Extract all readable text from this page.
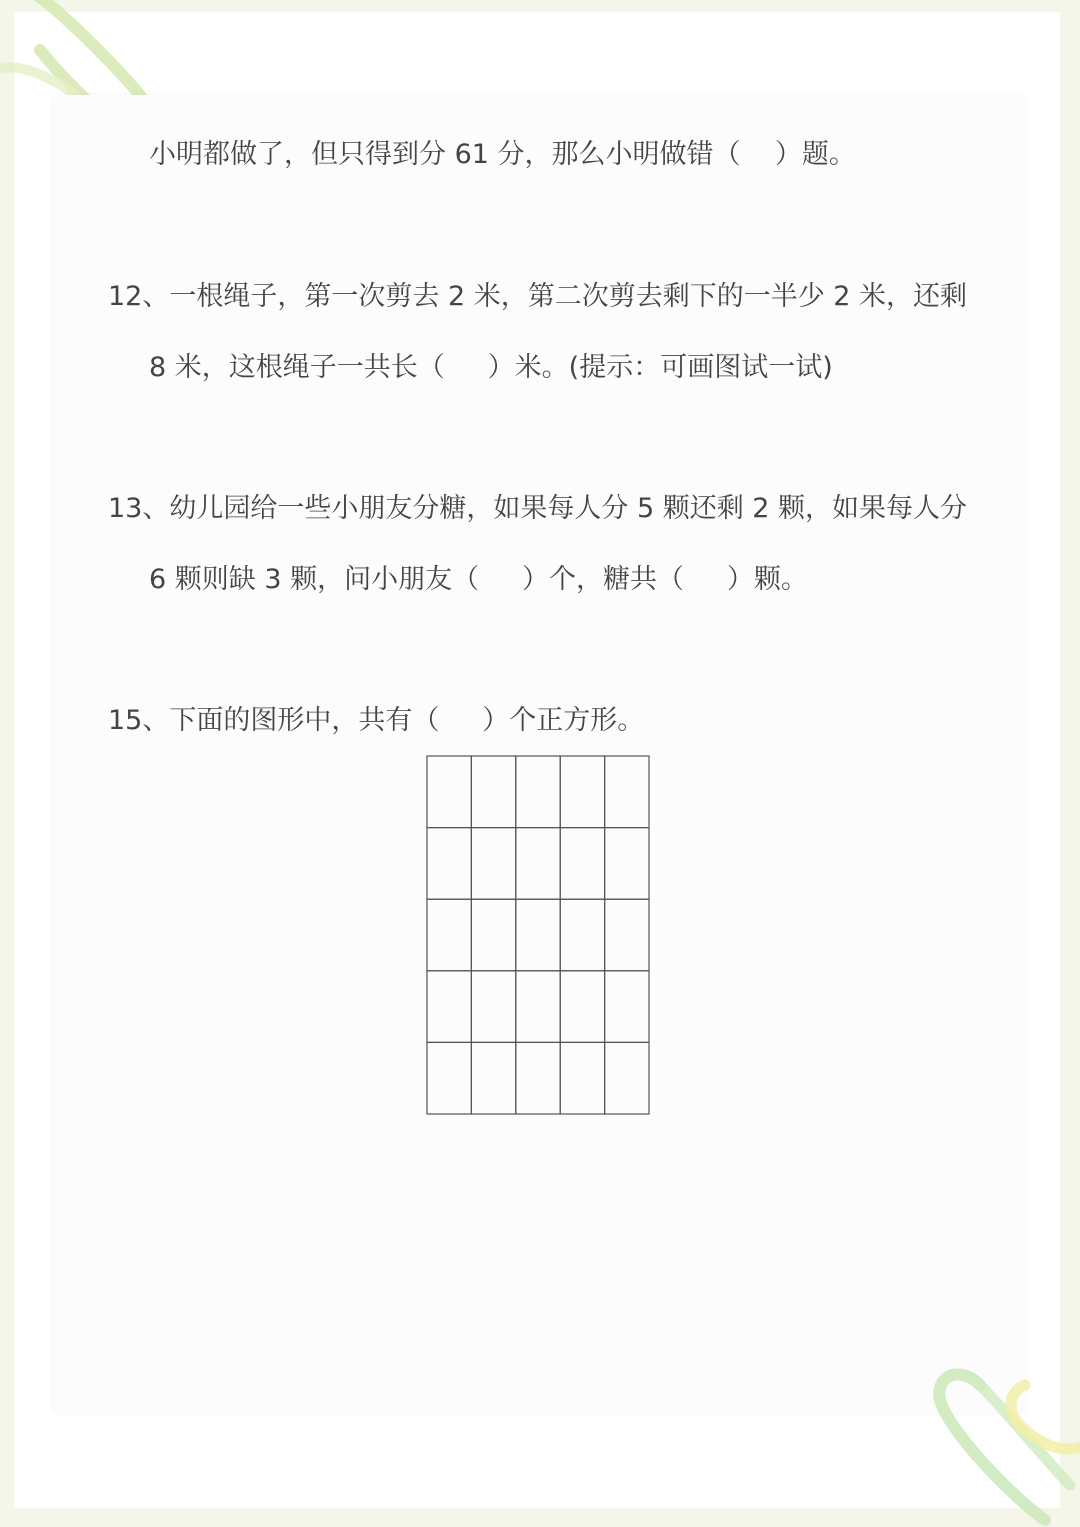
小明都做了，但只得到分 61 分，那么小明做错（    ）题。
12、一根绳子，第一次剪去 2 米，第二次剪去剩下的一半少 2 米，还剩
8 米，这根绳子一共长（     ）米。(提示：可画图试一试)
13、幼儿园给一些小朋友分糖，如果每人分 5 颗还剩 2 颗，如果每人分
6 颗则缺 3 颗，问小朋友（     ）个，糖共（     ）颗。
15、下面的图形中，共有（     ）个正方形。
